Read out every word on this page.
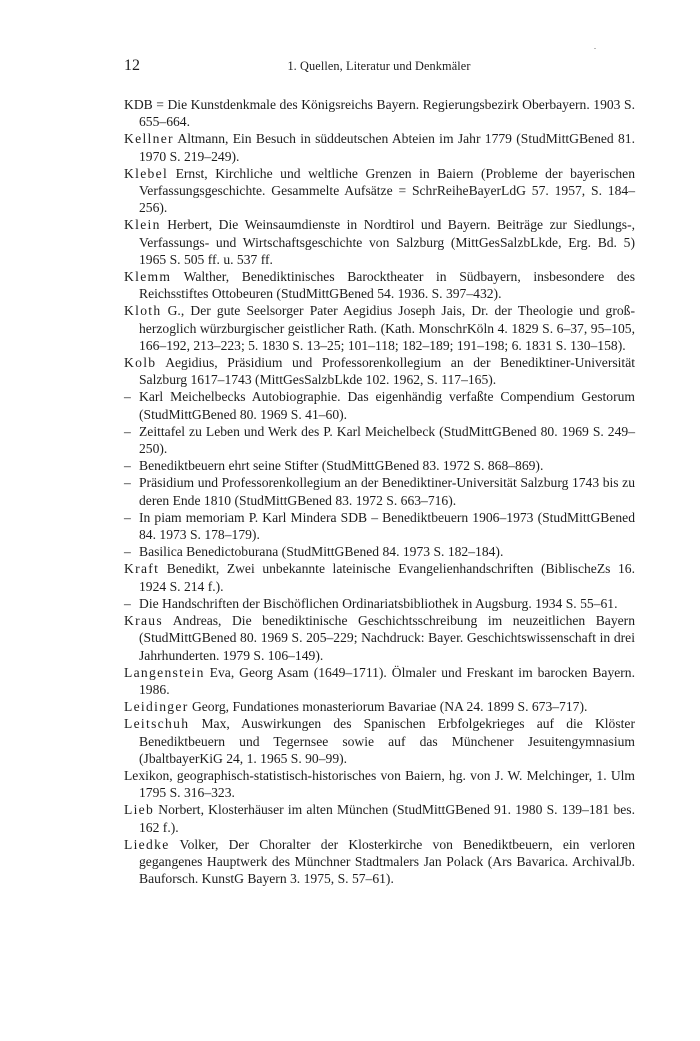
12	1. Quellen, Literatur und Denkmäler

KDB = Die Kunstdenkmale des Königsreichs Bayern. Regierungsbezirk Oberbayern. 1903 S. 655–664.

Kellner Altmann, Ein Besuch in süddeutschen Abteien im Jahr 1779 (StudMittGBened 81. 1970 S. 219–249).

Klebel Ernst, Kirchliche und weltliche Grenzen in Baiern (Probleme der bayerischen Verfassungsgeschichte. Gesammelte Aufsätze = SchrReiheBayerLdG 57. 1957, S. 184–256).

Klein Herbert, Die Weinsaumdienste in Nordtirol und Bayern. Beiträge zur Siedlungs-, Verfassungs- und Wirtschaftsgeschichte von Salzburg (MittGesSalzbLkde, Erg. Bd. 5) 1965 S. 505 ff. u. 537 ff.

Klemm Walther, Benediktinisches Barocktheater in Südbayern, insbesondere des Reichsstiftes Ottobeuren (StudMittGBened 54. 1936. S. 397–432).

Kloth G., Der gute Seelsorger Pater Aegidius Joseph Jais, Dr. der Theologie und groß-herzoglich würzburgischer geistlicher Rath. (Kath. MonschrKöln 4. 1829 S. 6–37, 95–105, 166–192, 213–223; 5. 1830 S. 13–25; 101–118; 182–189; 191–198; 6. 1831 S. 130–158).

Kolb Aegidius, Präsidium und Professorenkollegium an der Benediktiner-Universität Salzburg 1617–1743 (MittGesSalzbLkde 102. 1962, S. 117–165).

– Karl Meichelbecks Autobiographie. Das eigenhändig verfaßte Compendium Gestorum (StudMittGBened 80. 1969 S. 41–60).

– Zeittafel zu Leben und Werk des P. Karl Meichelbeck (StudMittGBened 80. 1969 S. 249–250).

– Benediktbeuern ehrt seine Stifter (StudMittGBened 83. 1972 S. 868–869).

– Präsidium und Professorenkollegium an der Benediktiner-Universität Salzburg 1743 bis zu deren Ende 1810 (StudMittGBened 83. 1972 S. 663–716).

– In piam memoriam P. Karl Mindera SDB – Benediktbeuern 1906–1973 (StudMittGBened 84. 1973 S. 178–179).

– Basilica Benedictoburana (StudMittGBened 84. 1973 S. 182–184).

Kraft Benedikt, Zwei unbekannte lateinische Evangelienhandschriften (BiblischeZs 16. 1924 S. 214 f.).

– Die Handschriften der Bischöflichen Ordinariatsbibliothek in Augsburg. 1934 S. 55–61.

Kraus Andreas, Die benediktinische Geschichtsschreibung im neuzeitlichen Bayern (StudMittGBened 80. 1969 S. 205–229; Nachdruck: Bayer. Geschichtswissenschaft in drei Jahrhunderten. 1979 S. 106–149).

Langenstein Eva, Georg Asam (1649–1711). Ölmaler und Freskant im barocken Bayern. 1986.

Leidinger Georg, Fundationes monasteriorum Bavariae (NA 24. 1899 S. 673–717).

Leitschuh Max, Auswirkungen des Spanischen Erbfolgekrieges auf die Klöster Benediktbeuern und Tegernsee sowie auf das Münchener Jesuitengymnasium (JbaltbayerKiG 24, 1. 1965 S. 90–99).

Lexikon, geographisch-statistisch-historisches von Baiern, hg. von J. W. Melchinger, 1. Ulm 1795 S. 316–323.

Lieb Norbert, Klosterhäuser im alten München (StudMittGBened 91. 1980 S. 139–181 bes. 162 f.).

Liedke Volker, Der Choralter der Klosterkirche von Benediktbeuern, ein verloren gegangenes Hauptwerk des Münchner Stadtmalers Jan Polack (Ars Bavarica. ArchivalJb. Bauforsch. KunstG Bayern 3. 1975, S. 57–61).
